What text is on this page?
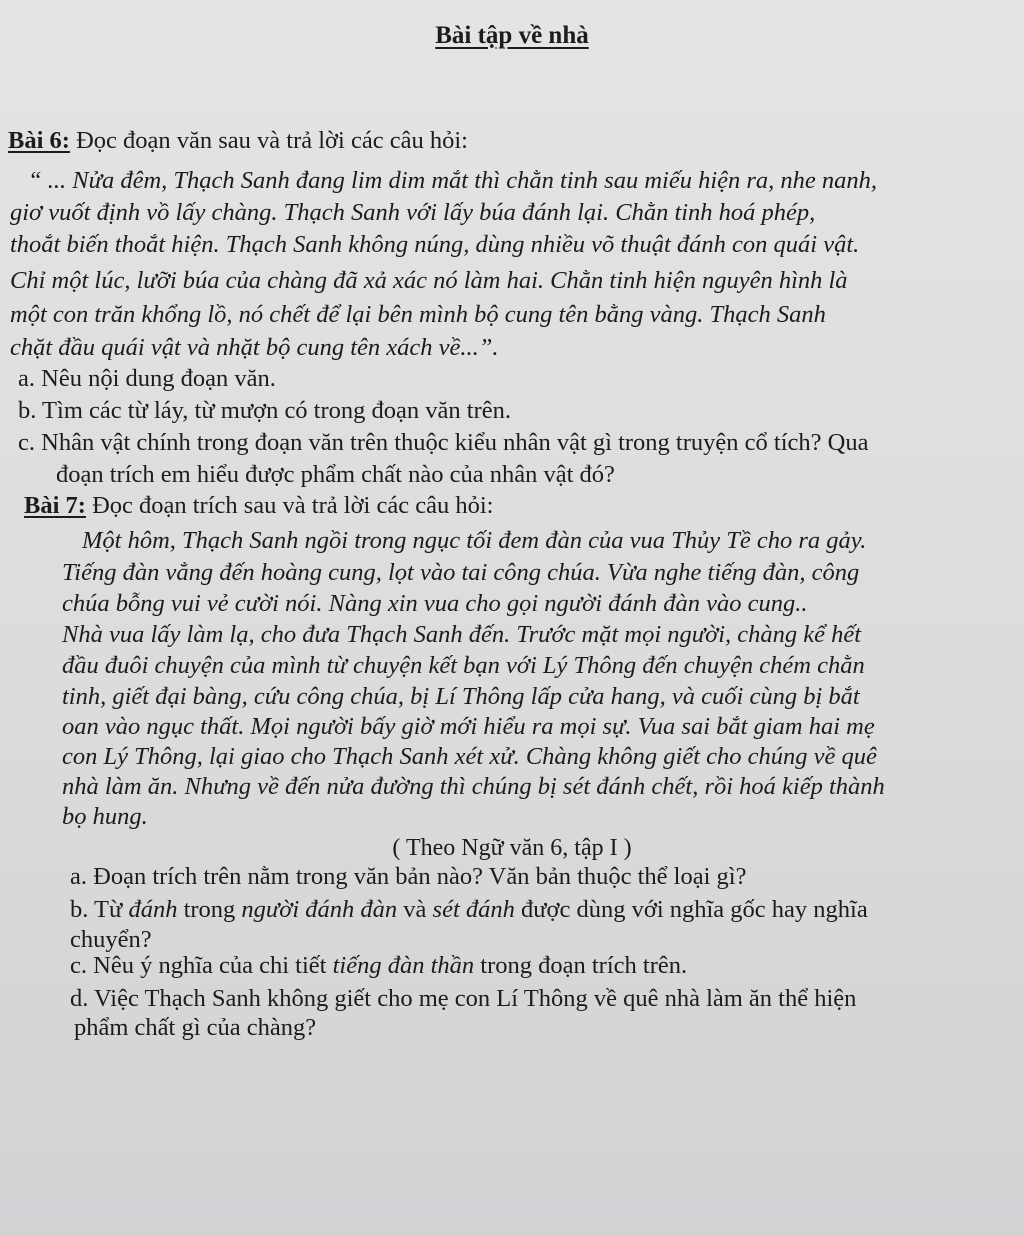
Bài tập về nhà
Bài 6: Đọc đoạn văn sau và trả lời các câu hỏi:
“ ... Nửa đêm, Thạch Sanh đang lim dim mắt thì chằn tinh sau miếu hiện ra, nhe nanh,
giơ vuốt định vồ lấy chàng. Thạch Sanh với lấy búa đánh lại. Chằn tinh hoá phép,
thoắt biến thoắt hiện. Thạch Sanh không núng, dùng nhiều võ thuật đánh con quái vật.
Chỉ một lúc, lưỡi búa của chàng đã xả xác nó làm hai. Chằn tinh hiện nguyên hình là
một con trăn khổng lồ, nó chết để lại bên mình bộ cung tên bằng vàng. Thạch Sanh
chặt đầu quái vật và nhặt bộ cung tên xách về...”.
a. Nêu nội dung đoạn văn.
b. Tìm các từ láy, từ mượn có trong đoạn văn trên.
c. Nhân vật chính trong đoạn văn trên thuộc kiểu nhân vật gì trong truyện cổ tích? Qua
đoạn trích em hiểu được phẩm chất nào của nhân vật đó?
Bài 7: Đọc đoạn trích sau và trả lời các câu hỏi:
Một hôm, Thạch Sanh ngồi trong ngục tối đem đàn của vua Thủy Tề cho ra gảy.
Tiếng đàn vẳng đến hoàng cung, lọt vào tai công chúa. Vừa nghe tiếng đàn, công
chúa bỗng vui vẻ cười nói. Nàng xin vua cho gọi người đánh đàn vào cung..
Nhà vua lấy làm lạ, cho đưa Thạch Sanh đến. Trước mặt mọi người, chàng kể hết
đầu đuôi chuyện của mình từ chuyện kết bạn với Lý Thông đến chuyện chém chằn
tinh, giết đại bàng, cứu công chúa, bị Lí Thông lấp cửa hang, và cuối cùng bị bắt
oan vào ngục thất. Mọi người bấy giờ mới hiểu ra mọi sự. Vua sai bắt giam hai mẹ
con Lý Thông, lại giao cho Thạch Sanh xét xử. Chàng không giết cho chúng về quê
nhà làm ăn. Nhưng về đến nửa đường thì chúng bị sét đánh chết, rồi hoá kiếp thành
bọ hung.
( Theo Ngữ văn 6, tập I )
a. Đoạn trích trên nằm trong văn bản nào? Văn bản thuộc thể loại gì?
b. Từ đánh trong người đánh đàn và sét đánh được dùng với nghĩa gốc hay nghĩa
chuyển?
c. Nêu ý nghĩa của chi tiết tiếng đàn thần trong đoạn trích trên.
d. Việc Thạch Sanh không giết cho mẹ con Lí Thông về quê nhà làm ăn thể hiện
phẩm chất gì của chàng?
